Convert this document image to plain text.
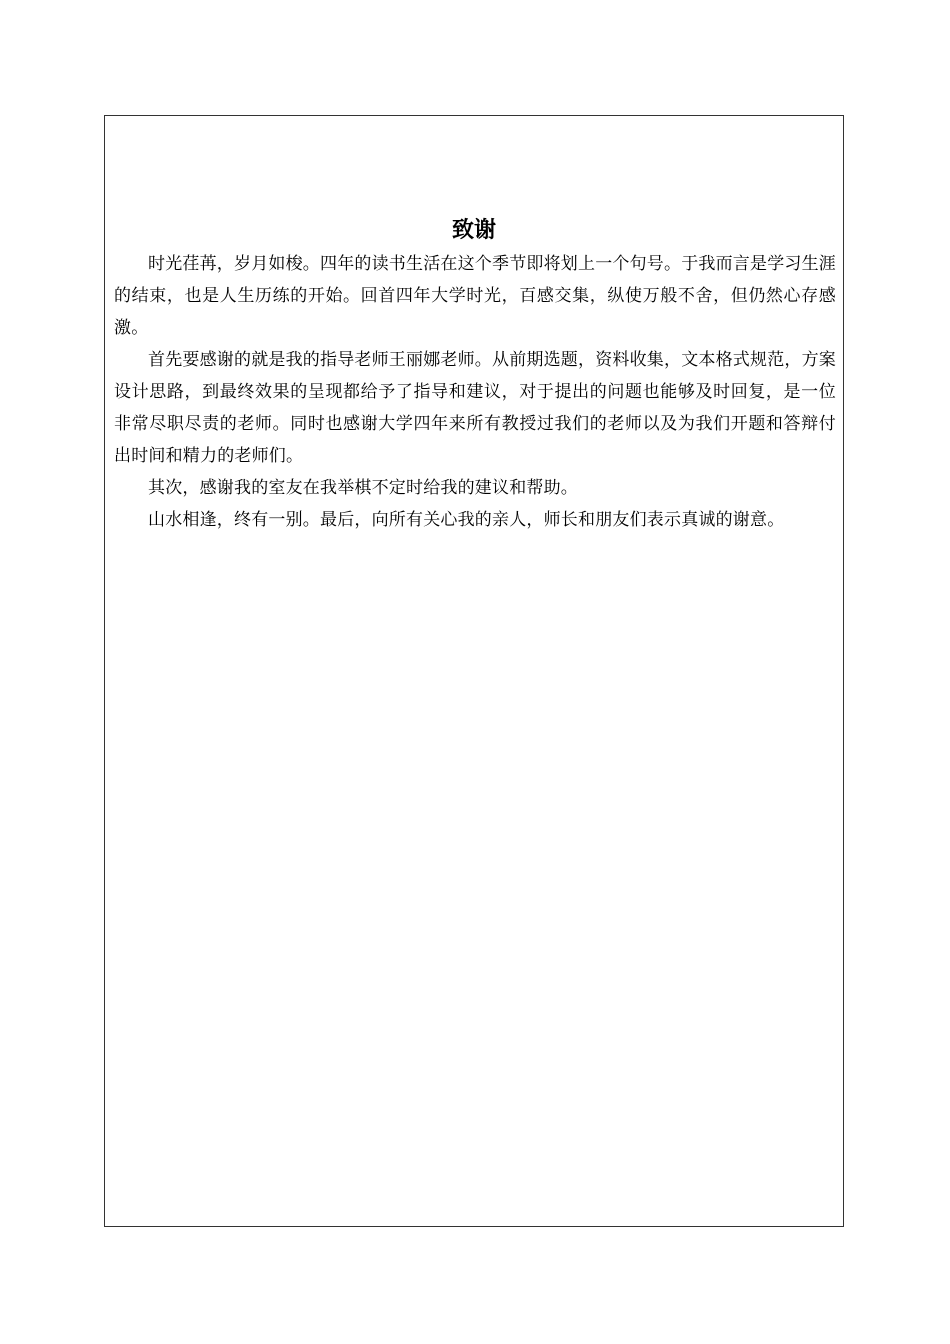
致谢

时光荏苒，岁月如梭。四年的读书生活在这个季节即将划上一个句号。于我而言是学习生涯的结束，也是人生历练的开始。回首四年大学时光，百感交集，纵使万般不舍，但仍然心存感激。

首先要感谢的就是我的指导老师王丽娜老师。从前期选题，资料收集，文本格式规范，方案设计思路，到最终效果的呈现都给予了指导和建议，对于提出的问题也能够及时回复，是一位非常尽职尽责的老师。同时也感谢大学四年来所有教授过我们的老师以及为我们开题和答辩付出时间和精力的老师们。

其次，感谢我的室友在我举棋不定时给我的建议和帮助。

山水相逢，终有一别。最后，向所有关心我的亲人，师长和朋友们表示真诚的谢意。
